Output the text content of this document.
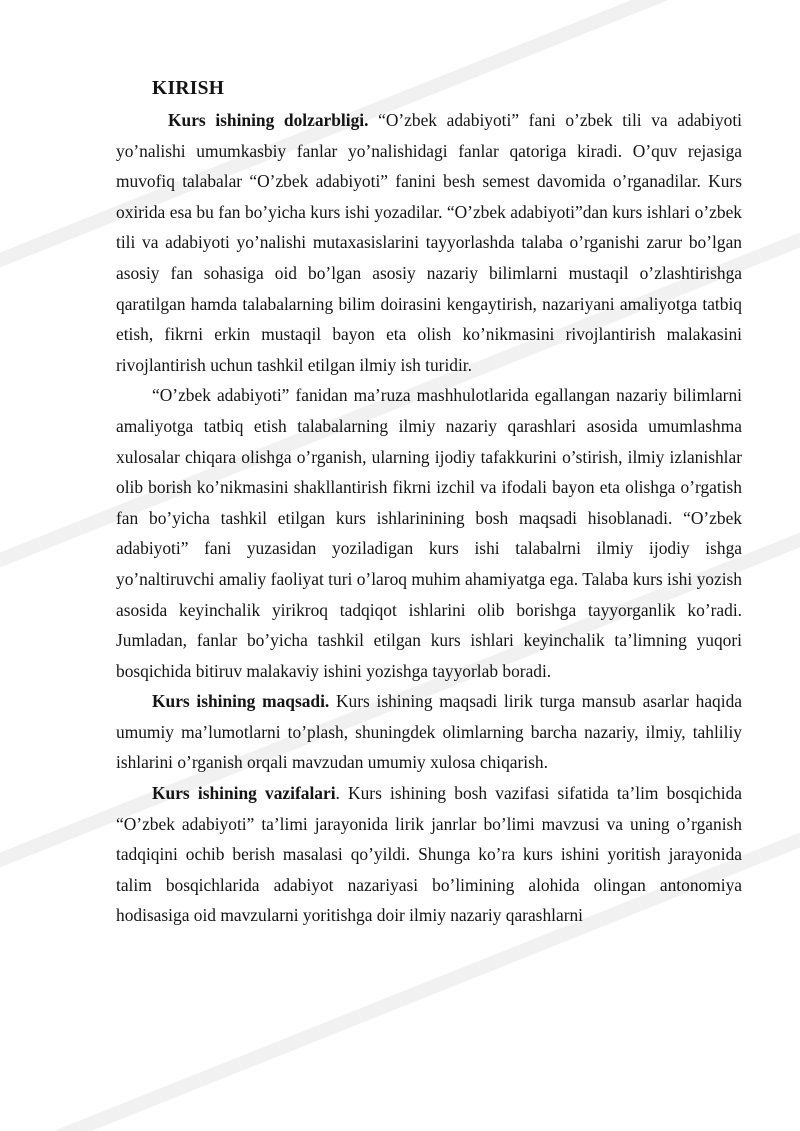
KIRISH

Kurs ishining dolzarbligi. “O’zbek adabiyoti” fani o’zbek tili va adabiyoti yo’nalishi umumkasbiy fanlar yo’nalishidagi fanlar qatoriga kiradi. O’quv rejasiga muvofiq talabalar “O’zbek adabiyoti” fanini besh semest davomida o’rganadilar. Kurs oxirida esa bu fan bo’yicha kurs ishi yozadilar. “O’zbek adabiyoti”dan kurs ishlari o’zbek tili va adabiyoti yo’nalishi mutaxasislarini tayyorlashda talaba o’rganishi zarur bo’lgan asosiy fan sohasiga oid bo’lgan asosiy nazariy bilimlarni mustaqil o’zlashtirishga qaratilgan hamda talabalarning bilim doirasini kengaytirish, nazariyani amaliyotga tatbiq etish, fikrni erkin mustaqil bayon eta olish ko’nikmasini rivojlantirish malakasini rivojlantirish uchun tashkil etilgan ilmiy ish turidir.

“O’zbek adabiyoti” fanidan ma’ruza mashhulotlarida egallangan nazariy bilimlarni amaliyotga tatbiq etish talabalarning ilmiy nazariy qarashlari asosida umumlashma xulosalar chiqara olishga o’rganish, ularning ijodiy tafakkurini o’stirish, ilmiy izlanishlar olib borish ko’nikmasini shakllantirish fikrni izchil va ifodali bayon eta olishga o’rgatish fan bo’yicha tashkil etilgan kurs ishlarinining bosh maqsadi hisoblanadi. “O’zbek adabiyoti” fani yuzasidan yoziladigan kurs ishi talabalrni ilmiy ijodiy ishga yo’naltiruvchi amaliy faoliyat turi o’laroq muhim ahamiyatga ega. Talaba kurs ishi yozish asosida keyinchalik yirikroq tadqiqot ishlarini olib borishga tayyorganlik ko’radi. Jumladan, fanlar bo’yicha tashkil etilgan kurs ishlari keyinchalik ta’limning yuqori bosqichida bitiruv malakaviy ishini yozishga tayyorlab boradi.

Kurs ishining maqsadi. Kurs ishining maqsadi lirik turga mansub asarlar haqida umumiy ma’lumotlarni to’plash, shuningdek olimlarning barcha nazariy, ilmiy, tahliliy ishlarini o’rganish orqali mavzudan umumiy xulosa chiqarish.

Kurs ishining vazifalari. Kurs ishining bosh vazifasi sifatida ta’lim bosqichida “O’zbek adabiyoti” ta’limi jarayonida lirik janrlar bo’limi mavzusi va uning o’rganish tadqiqini ochib berish masalasi qo’yildi. Shunga ko’ra kurs ishini yoritish jarayonida talim bosqichlarida adabiyot nazariyasi bo’limining alohida olingan antonomiya hodisasiga oid mavzularni yoritishga doir ilmiy nazariy qarashlarni
